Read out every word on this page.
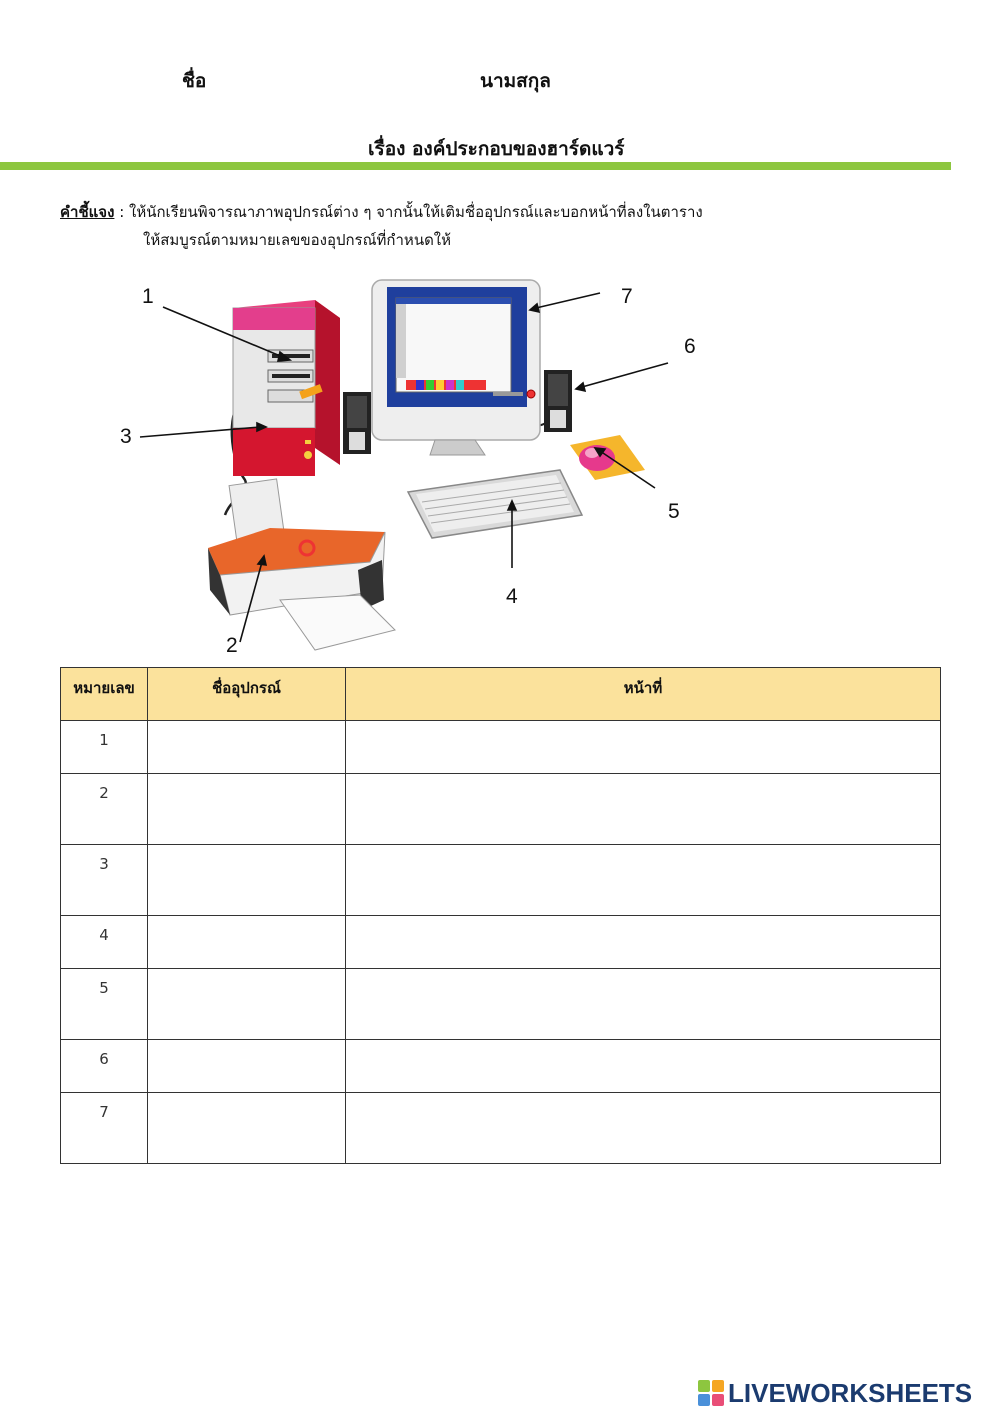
ชื่อ	นามสกุล
เรื่อง องค์ประกอบของฮาร์ดแวร์
คำชี้แจง : ให้นักเรียนพิจารณาภาพอุปกรณ์ต่าง ๆ จากนั้นให้เติมชื่ออุปกรณ์และบอกหน้าที่ลงในตาราง
ให้สมบูรณ์ตามหมายเลขของอุปกรณ์ที่กำหนดให้
1
2
3
4
5
6
7
หมายเลข	ชื่ออุปกรณ์	หน้าที่
1		
2		
3		
4		
5		
6		
7		
LIVEWORKSHEETS
